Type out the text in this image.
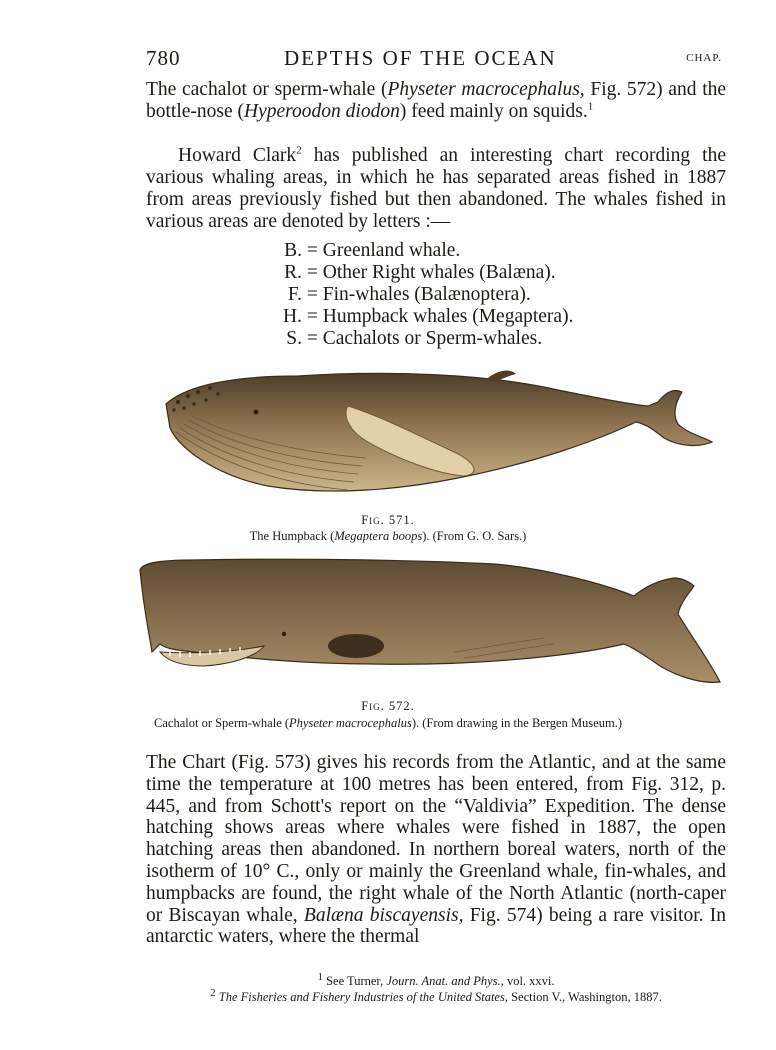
780	DEPTHS OF THE OCEAN	CHAP.

The cachalot or sperm-whale (Physeter macrocephalus, Fig. 572) and the bottle-nose (Hyperoodon diodon) feed mainly on squids.$^1$

Howard Clark$^2$ has published an interesting chart recording the various whaling areas, in which he has separated areas fished in 1887 from areas previously fished but then abandoned. The whales fished in various areas are denoted by letters :—

B. = Greenland whale.
R. = Other Right whales (Balæna).
F. = Fin-whales (Balænoptera).
H. = Humpback whales (Megaptera).
S. = Cachalots or Sperm-whales.
Fig. 571.
The Humpback (Megaptera boops). (From G. O. Sars.)
Fig. 572.
Cachalot or Sperm-whale (Physeter macrocephalus). (From drawing in the Bergen Museum.)

The Chart (Fig. 573) gives his records from the Atlantic, and at the same time the temperature at 100 metres has been entered, from Fig. 312, p. 445, and from Schott's report on the “Valdivia” Expedition. The dense hatching shows areas where whales were fished in 1887, the open hatching areas then abandoned. In northern boreal waters, north of the isotherm of 10° C., only or mainly the Greenland whale, fin-whales, and humpbacks are found, the right whale of the North Atlantic (north-caper or Biscayan whale, Balæna biscayensis, Fig. 574) being a rare visitor. In antarctic waters, where the thermal

$^1$ See Turner, Journ. Anat. and Phys., vol. xxvi.
$^2$ The Fisheries and Fishery Industries of the United States, Section V., Washington, 1887.
